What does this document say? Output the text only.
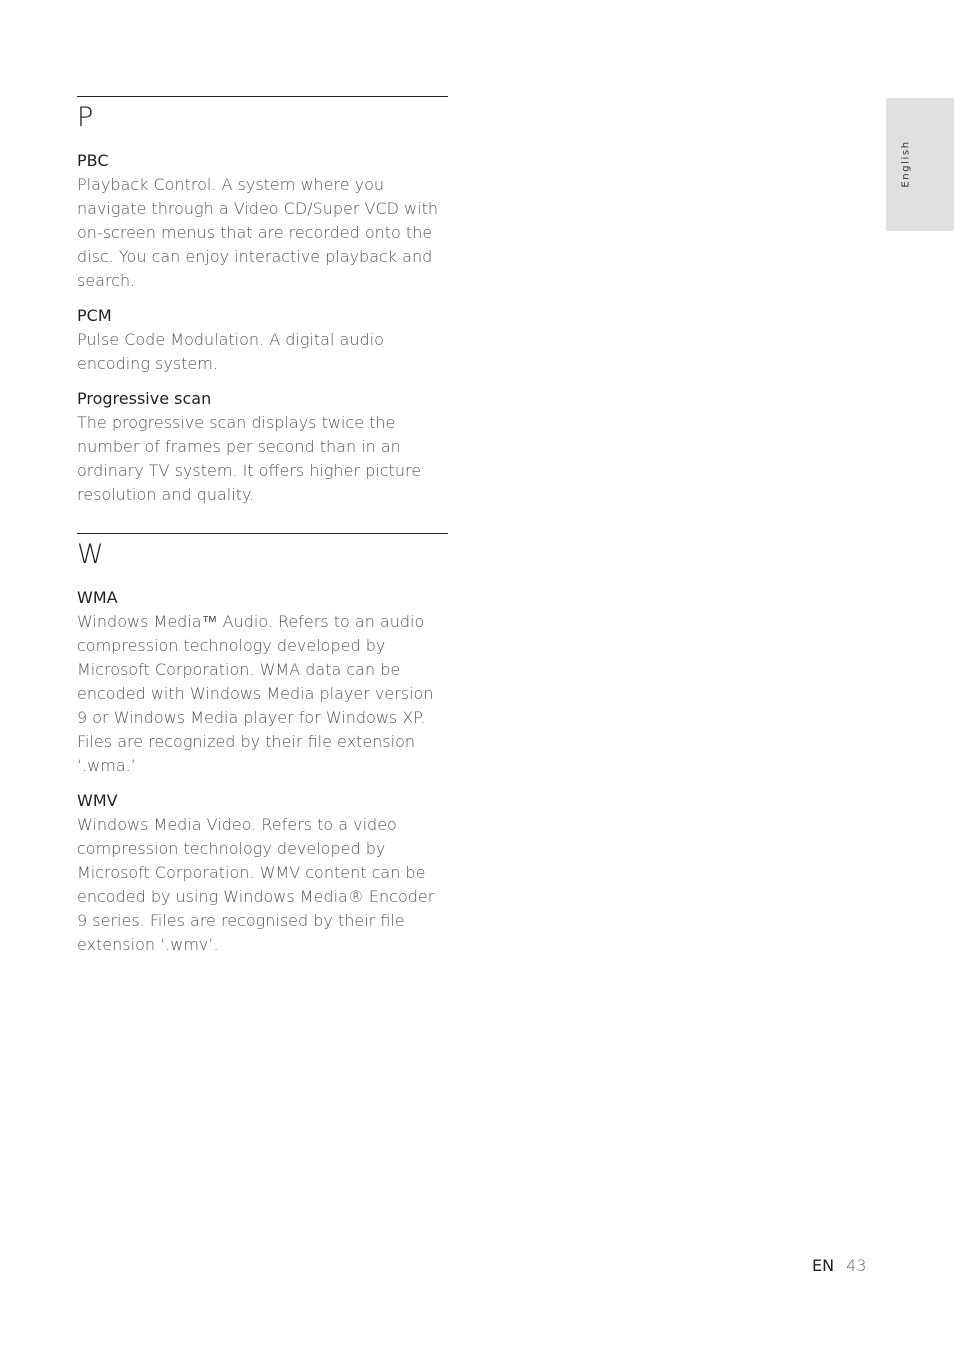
P
PBC
Playback Control. A system where you navigate through a Video CD/Super VCD with on-screen menus that are recorded onto the disc. You can enjoy interactive playback and search.
PCM
Pulse Code Modulation. A digital audio encoding system.
Progressive scan
The progressive scan displays twice the number of frames per second than in an ordinary TV system. It offers higher picture resolution and quality.
W
WMA
Windows Media™ Audio. Refers to an audio compression technology developed by Microsoft Corporation. WMA data can be encoded with Windows Media player version 9 or Windows Media player for Windows XP. Files are recognized by their file extension ‘.wma.’
WMV
Windows Media Video. Refers to a video compression technology developed by Microsoft Corporation. WMV content can be encoded by using Windows Media® Encoder 9 series. Files are recognised by their file extension ‘.wmv’.
English
EN 43
